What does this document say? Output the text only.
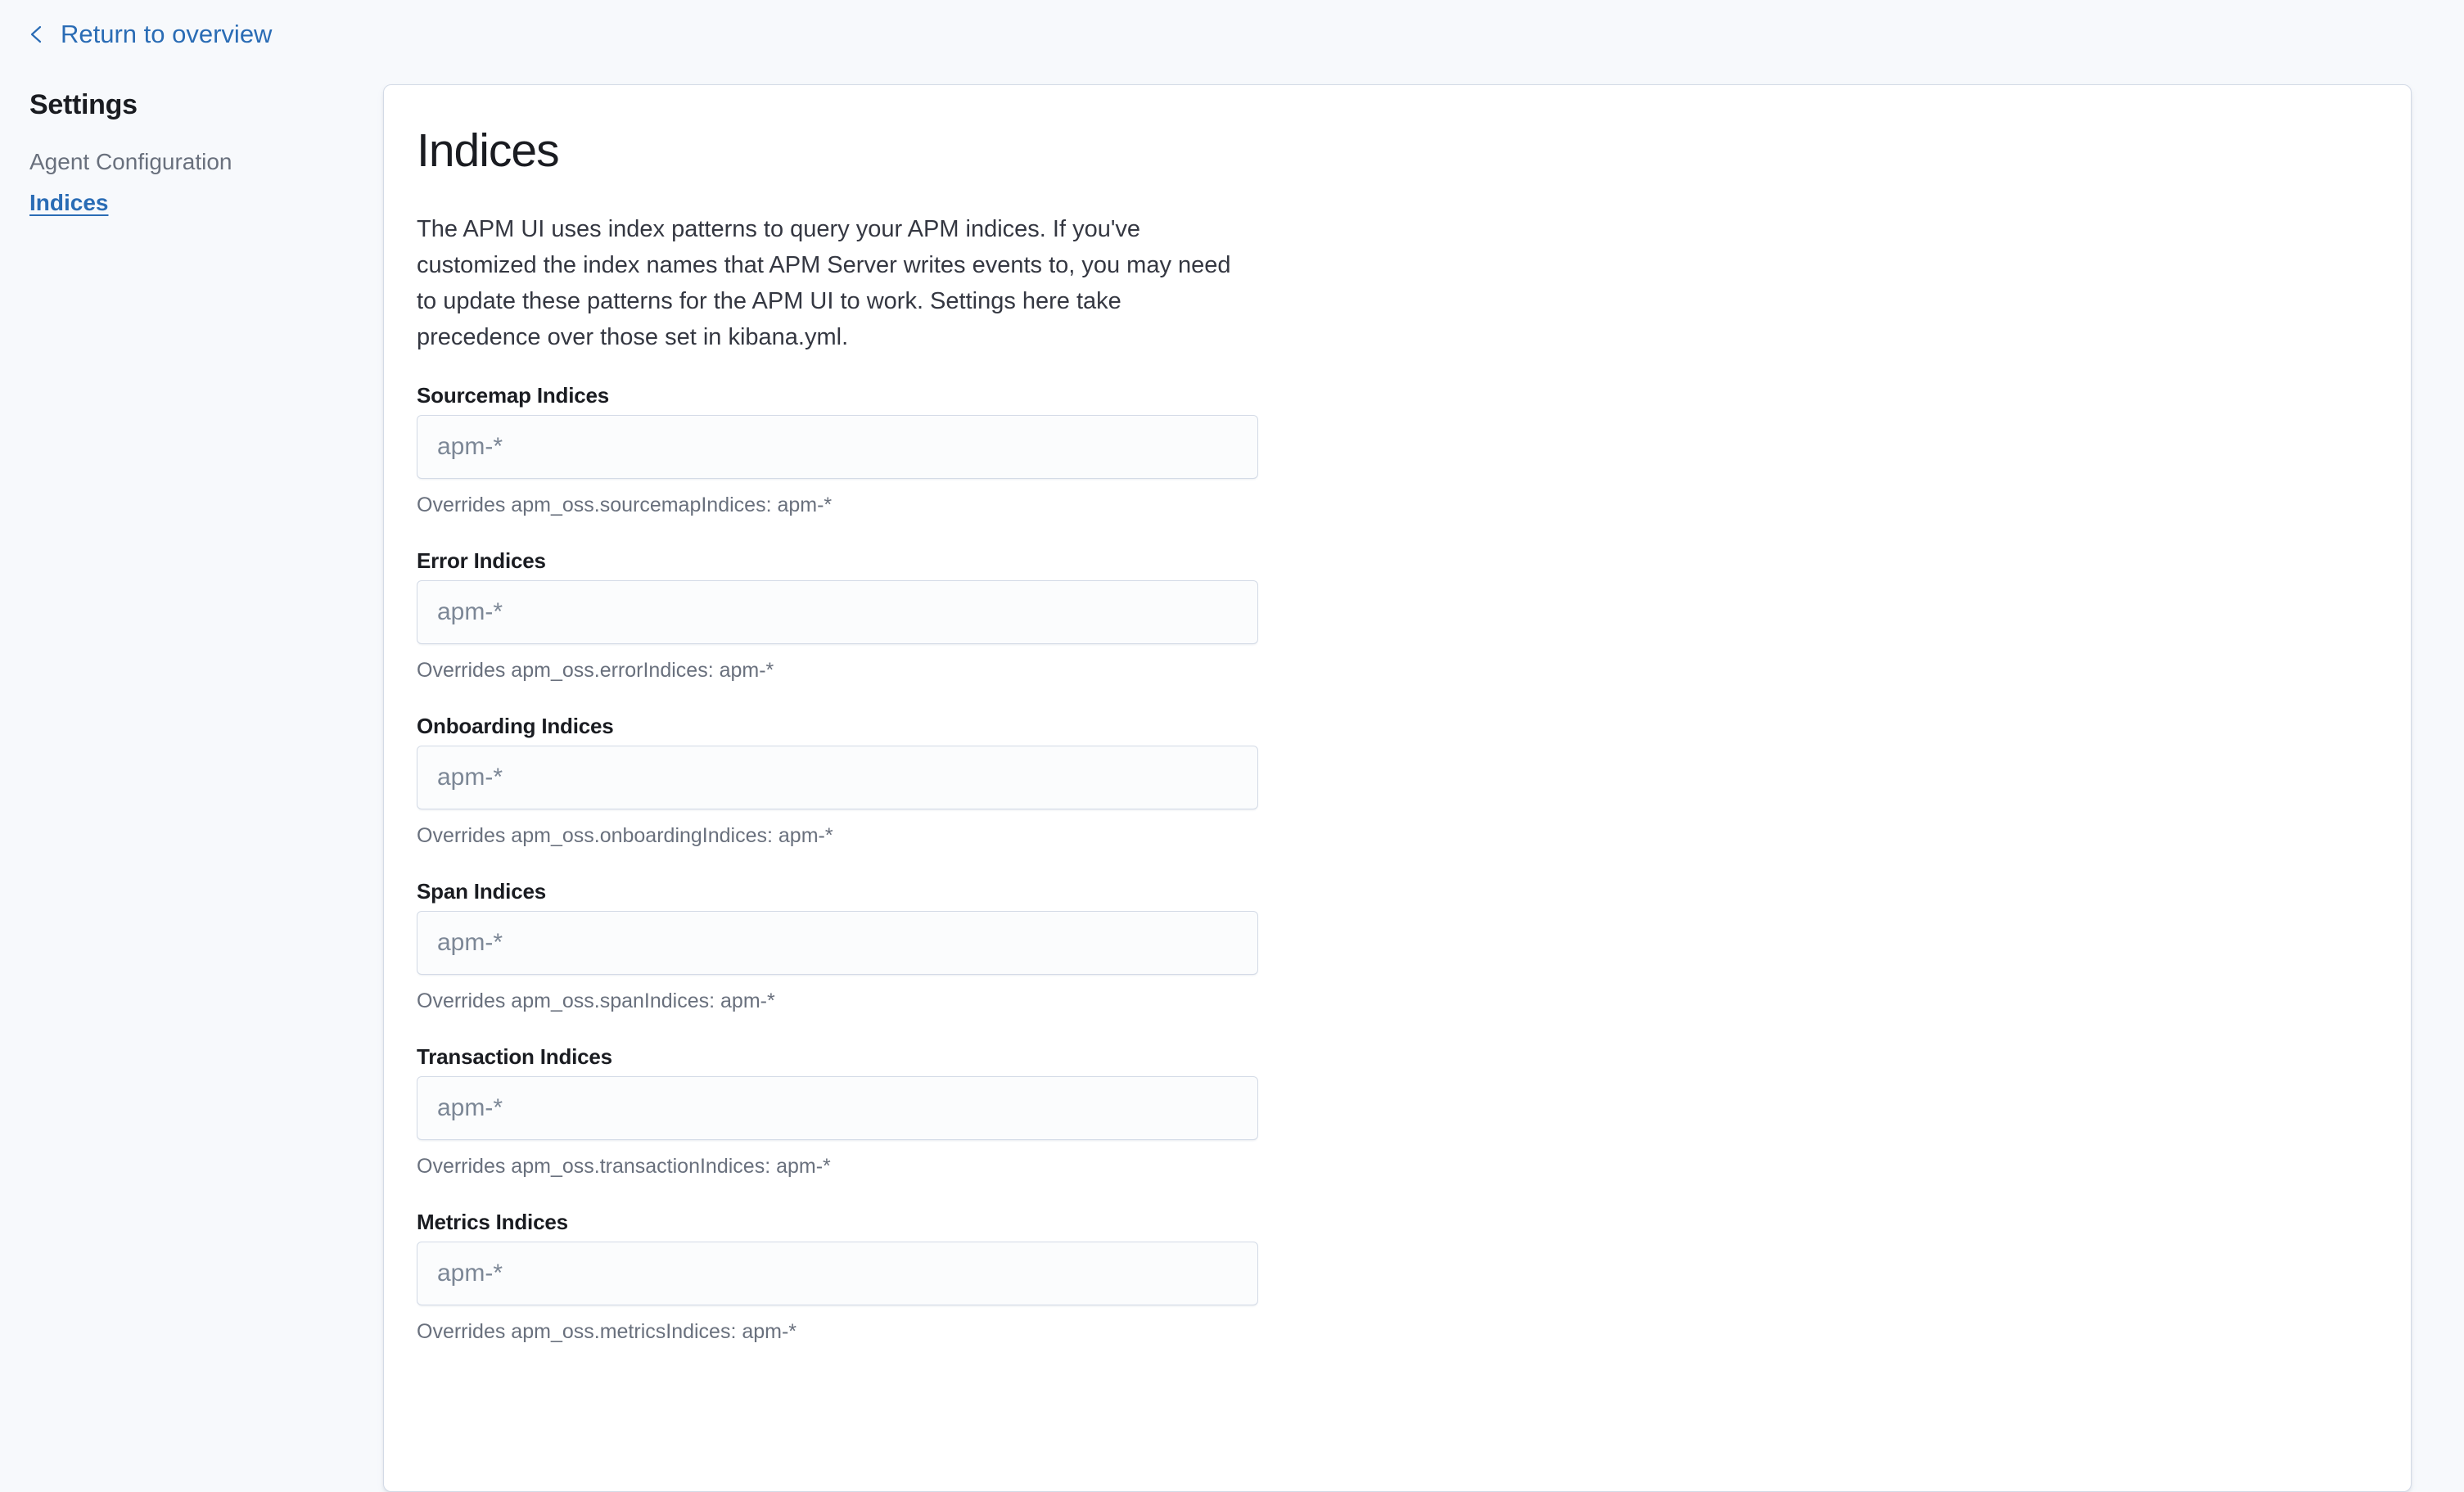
Return to overview
Settings
Agent Configuration
Indices
Indices

The APM UI uses index patterns to query your APM indices. If you've customized the index names that APM Server writes events to, you may need to update these patterns for the APM UI to work. Settings here take precedence over those set in kibana.yml.

Sourcemap Indices
apm-*
Overrides apm_oss.sourcemapIndices: apm-*
Error Indices
apm-*
Overrides apm_oss.errorIndices: apm-*
Onboarding Indices
apm-*
Overrides apm_oss.onboardingIndices: apm-*
Span Indices
apm-*
Overrides apm_oss.spanIndices: apm-*
Transaction Indices
apm-*
Overrides apm_oss.transactionIndices: apm-*
Metrics Indices
apm-*
Overrides apm_oss.metricsIndices: apm-*
